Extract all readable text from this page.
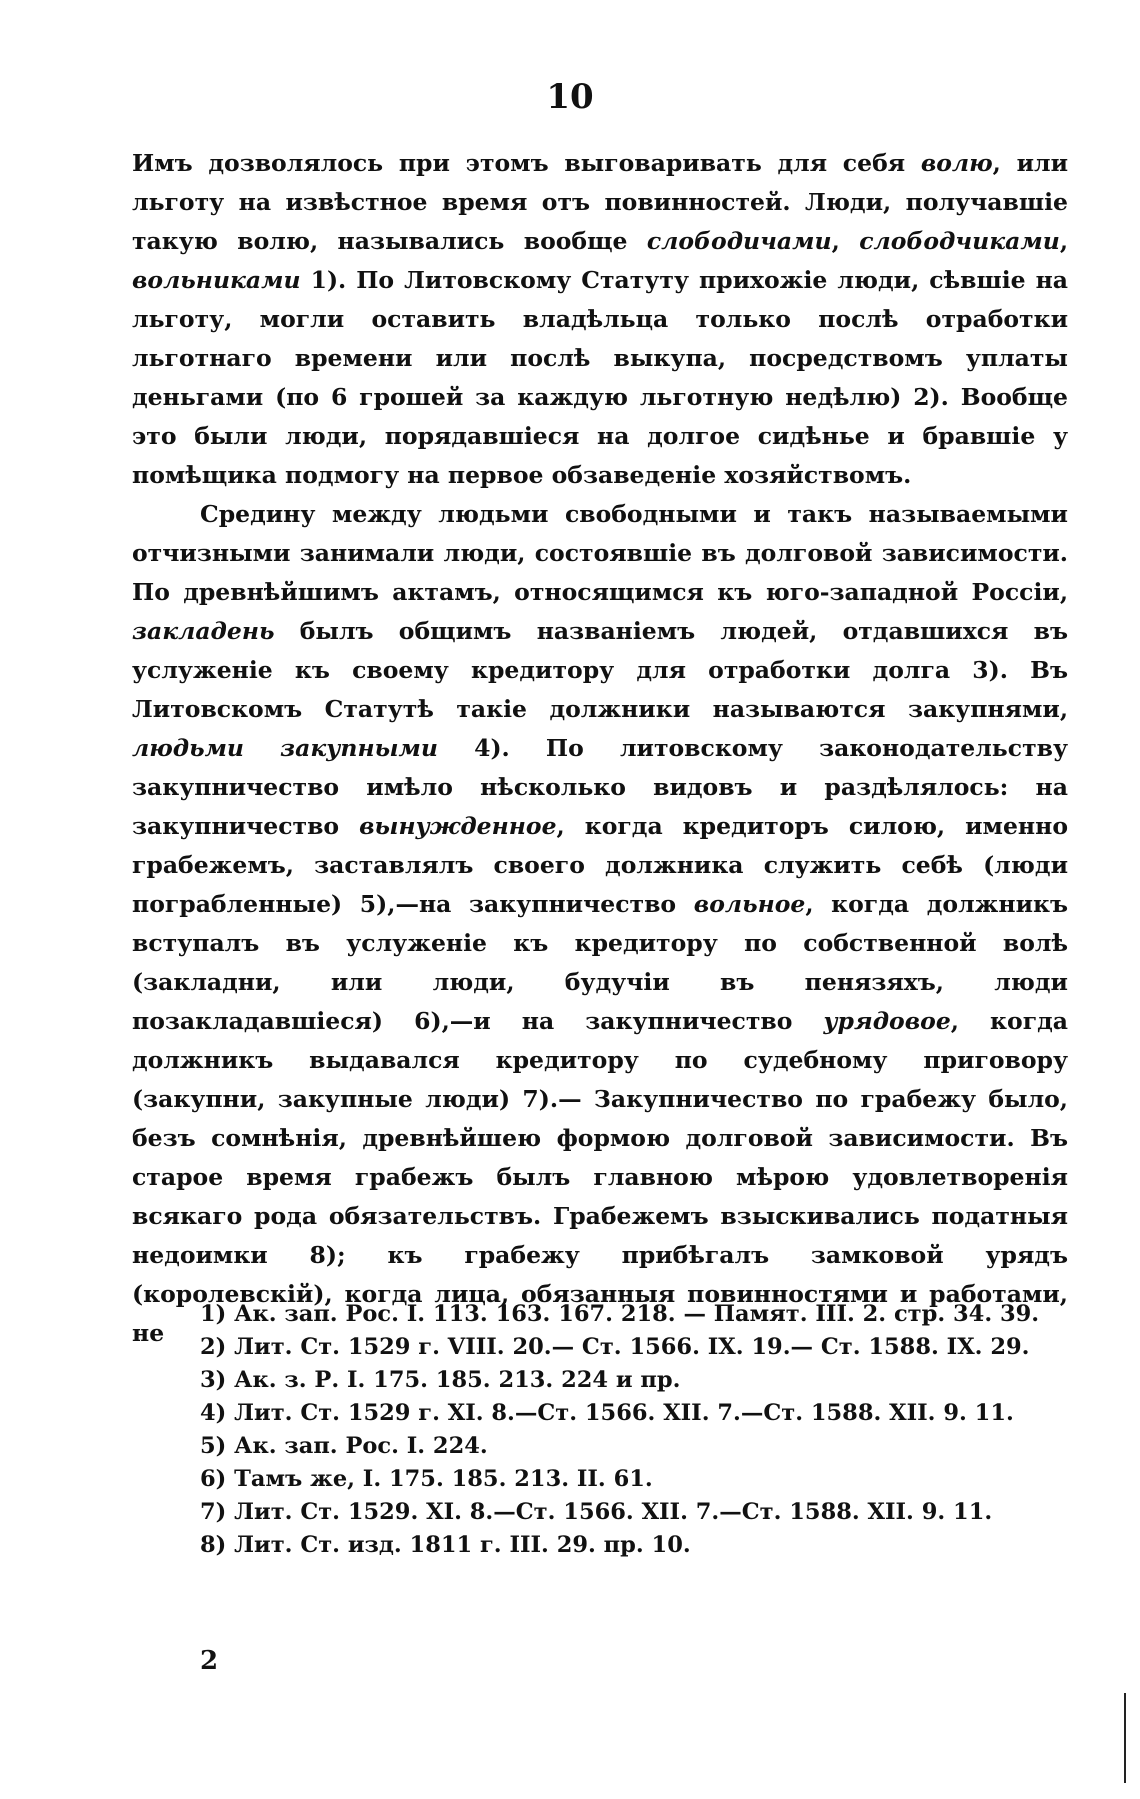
10

Имъ дозволялось при этомъ выговаривать для себя волю, или льготу на извѣстное время отъ повинностей. Люди, получавшіе такую волю, назывались вообще слободичами, слободчиками, вольниками 1). По Литовскому Статуту прихожіе люди, сѣвшіе на льготу, могли оставить владѣльца только послѣ отработки льготнаго времени или послѣ выкупа, посредствомъ уплаты деньгами (по 6 грошей за каждую льготную недѣлю) 2). Вообще это были люди, порядавшіеся на долгое сидѣнье и бравшіе у помѣщика подмогу на первое обзаведеніе хозяйствомъ.

Средину между людьми свободными и такъ называемыми отчизными занимали люди, состоявшіе въ долговой зависимости. По древнѣйшимъ актамъ, относящимся къ юго-западной Россіи, закладень былъ общимъ названіемъ людей, отдавшихся въ услуженіе къ своему кредитору для отработки долга 3). Въ Литовскомъ Статутѣ такіе должники называются закупнями, людьми закупными 4). По литовскому законодательству закупничество имѣло нѣсколько видовъ и раздѣлялось: на закупничество вынужденное, когда кредиторъ силою, именно грабежемъ, заставлялъ своего должника служить себѣ (люди пограбленные) 5),—на закупничество вольное, когда должникъ вступалъ въ услуженіе къ кредитору по собственной волѣ (закладни, или люди, будучіи въ пенязяхъ, люди позакладавшіеся) 6),—и на закупничество урядовое, когда должникъ выдавался кредитору по судебному приговору (закупни, закупные люди) 7).— Закупничество по грабежу было, безъ сомнѣнія, древнѣйшею формою долговой зависимости. Въ старое время грабежъ былъ главною мѣрою удовлетворенія всякаго рода обязательствъ. Грабежемъ взыскивались податныя недоимки 8); къ грабежу прибѣгалъ замковой урядъ (королевскій), когда лица, обязанныя повинностями и работами, не

1) Ак. зап. Рос. I. 113. 163. 167. 218. — Памят. III. 2. стр. 34. 39.

2) Лит. Ст. 1529 г. VIII. 20.— Ст. 1566. IX. 19.— Ст. 1588. IX. 29.

3) Ак. з. Р. I. 175. 185. 213. 224 и пр.

4) Лит. Ст. 1529 г. XI. 8.—Ст. 1566. XII. 7.—Ст. 1588. XII. 9. 11.

5) Ак. зап. Рос. I. 224.

6) Тамъ же, I. 175. 185. 213. II. 61.

7) Лит. Ст. 1529. XI. 8.—Ст. 1566. XII. 7.—Ст. 1588. XII. 9. 11.

8) Лит. Ст. изд. 1811 г. III. 29. пр. 10.

2
